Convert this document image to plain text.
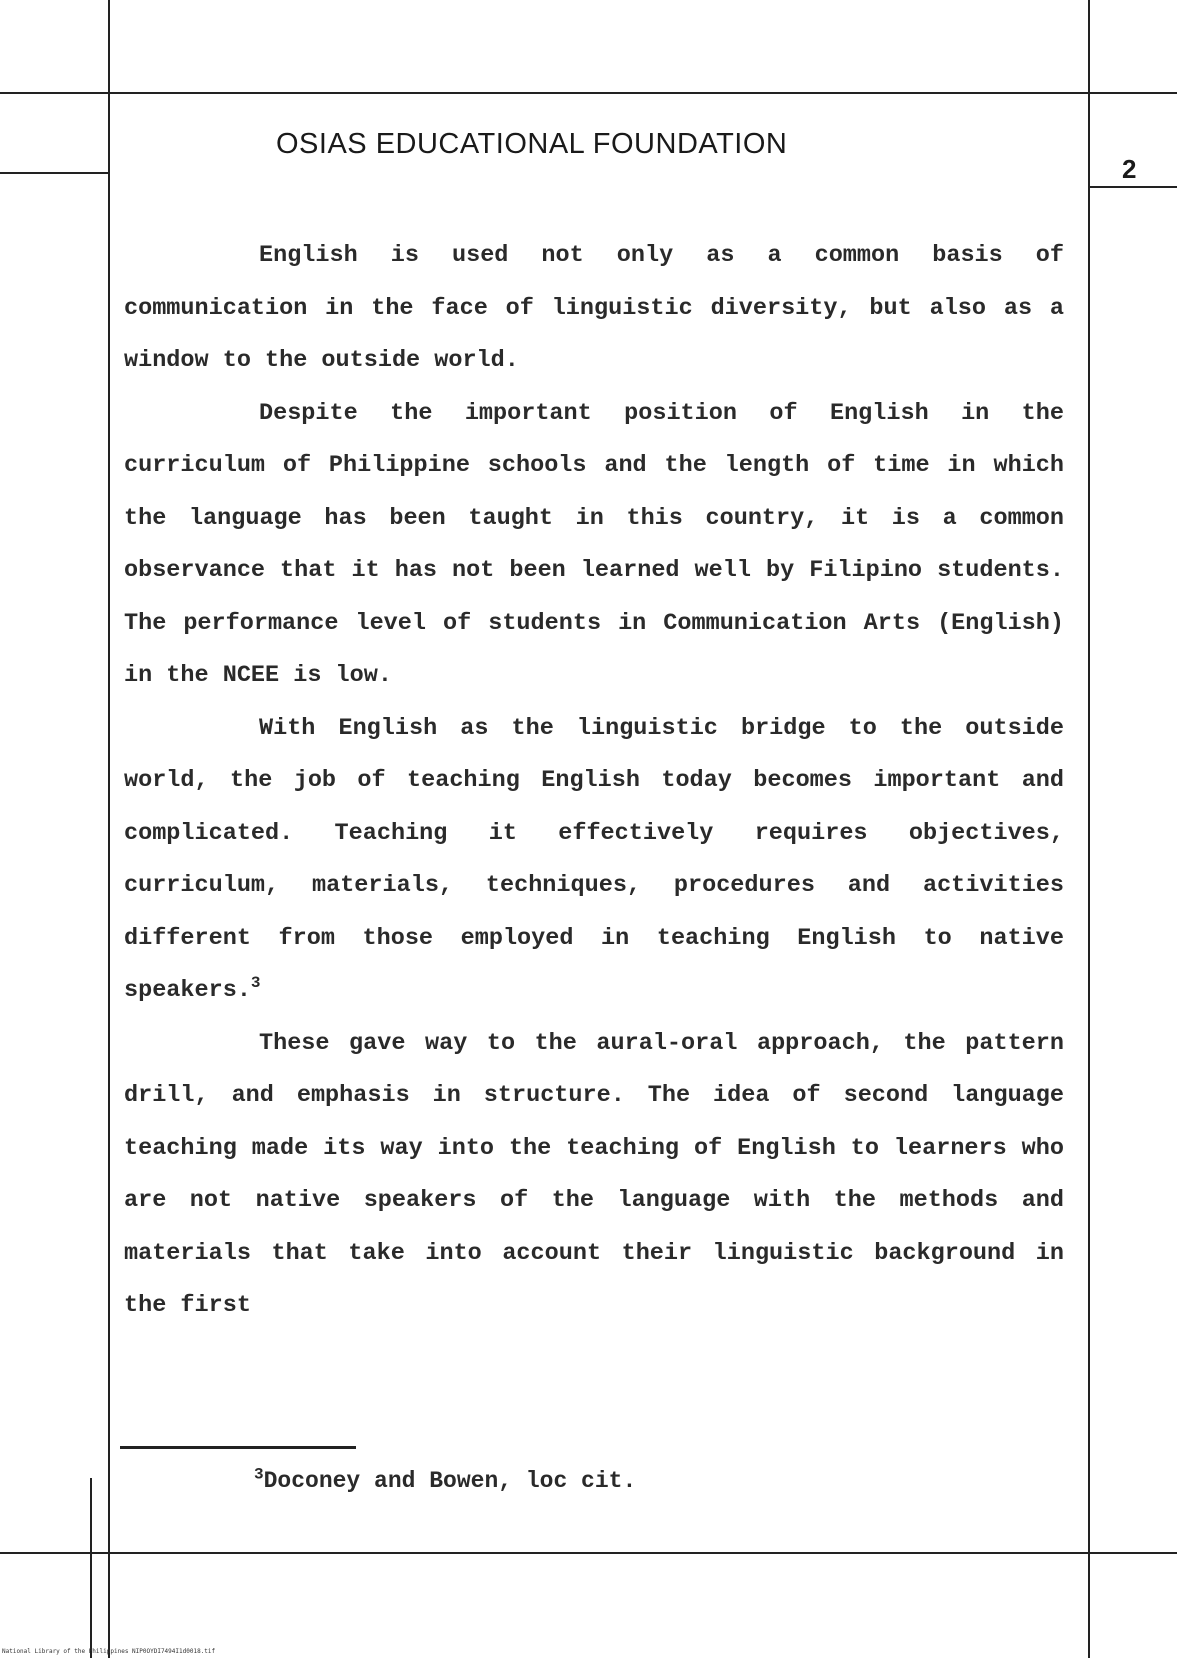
OSIAS EDUCATIONAL FOUNDATION
2

English is used not only as a common basis of communication in the face of linguistic diversity, but also as a window to the outside world.

Despite the important position of English in the curriculum of Philippine schools and the length of time in which the language has been taught in this country, it is a common observance that it has not been learned well by Filipino students. The performance level of students in Communication Arts (English) in the NCEE is low.

With English as the linguistic bridge to the outside world, the job of teaching English today becomes important and complicated. Teaching it effectively requires objectives, curriculum, materials, techniques, procedures and activities different from those employed in teaching English to native speakers.$^3$

These gave way to the aural-oral approach, the pattern drill, and emphasis in structure. The idea of second language teaching made its way into the teaching of English to learners who are not native speakers of the language with the methods and materials that take into account their linguistic background in the first

$^3$Doconey and Bowen, loc cit.
National Library of the Philippines NIP0OYDI7494I1d0018.tif
